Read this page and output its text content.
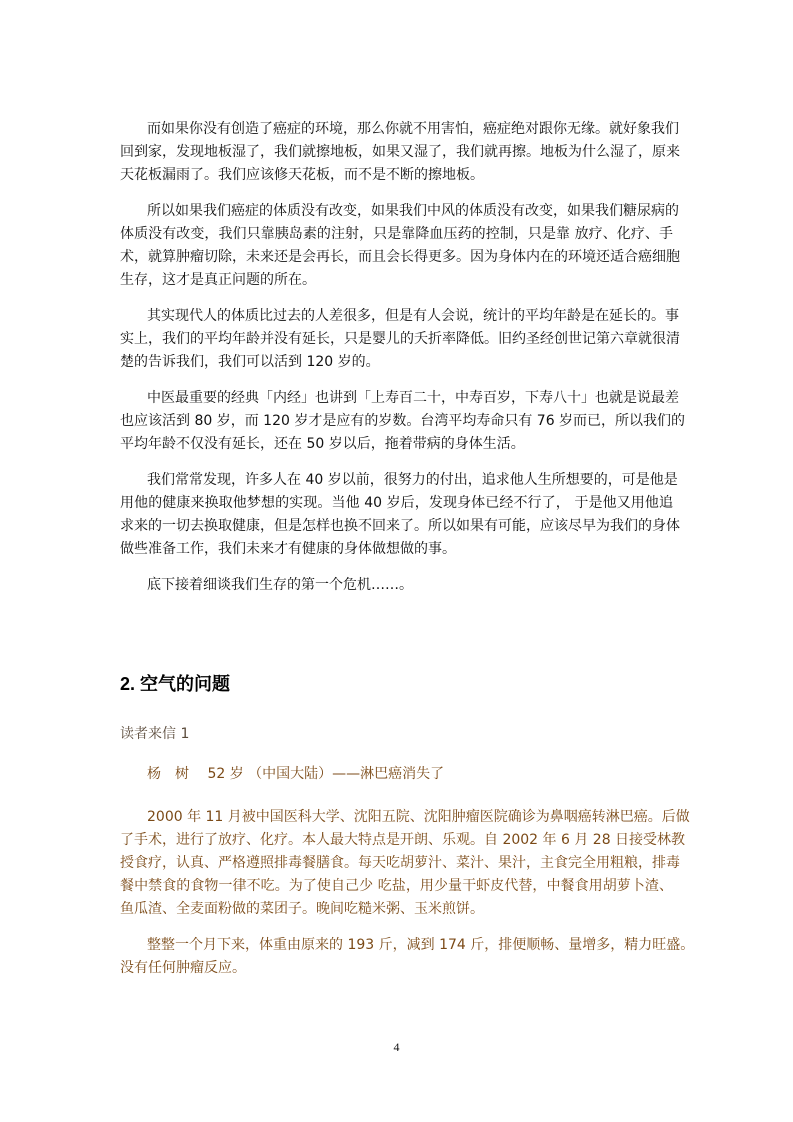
而如果你没有创造了癌症的环境，那么你就不用害怕，癌症绝对跟你无缘。就好象我们
回到家，发现地板湿了，我们就擦地板，如果又湿了，我们就再擦。地板为什么湿了，原来
天花板漏雨了。我们应该修天花板，而不是不断的擦地板。
所以如果我们癌症的体质没有改变，如果我们中风的体质没有改变，如果我们糖尿病的
体质没有改变，我们只靠胰岛素的注射，只是靠降血压药的控制，只是靠 放疗、化疗、手
术，就算肿瘤切除，未来还是会再长，而且会长得更多。因为身体内在的环境还适合癌细胞
生存，这才是真正问题的所在。
其实现代人的体质比过去的人差很多，但是有人会说，统计的平均年龄是在延长的。事
实上，我们的平均年龄并没有延长，只是婴儿的夭折率降低。旧约圣经创世记第六章就很清
楚的告诉我们，我们可以活到 120 岁的。
中医最重要的经典「内经」也讲到「上寿百二十，中寿百岁，下寿八十」也就是说最差
也应该活到 80 岁，而 120 岁才是应有的岁数。台湾平均寿命只有 76 岁而已，所以我们的
平均年龄不仅没有延长，还在 50 岁以后，拖着带病的身体生活。
我们常常发现，许多人在 40 岁以前，很努力的付出，追求他人生所想要的，可是他是
用他的健康来换取他梦想的实现。当他 40 岁后，发现身体已经不行了， 于是他又用他追
求来的一切去换取健康，但是怎样也换不回来了。所以如果有可能，应该尽早为我们的身体
做些准备工作，我们未来才有健康的身体做想做的事。
底下接着细谈我们生存的第一个危机……。
2. 空气的问题
读者来信 1
杨　树　 52 岁 （中国大陆）——淋巴癌消失了
2000 年 11 月被中国医科大学、沈阳五院、沈阳肿瘤医院确诊为鼻咽癌转淋巴癌。后做
了手术，进行了放疗、化疗。本人最大特点是开朗、乐观。自 2002 年 6 月 28 日接受林教
授食疗，认真、严格遵照排毒餐膳食。每天吃胡萝汁、菜汁、果汁，主食完全用粗粮，排毒
餐中禁食的食物一律不吃。为了使自己少 吃盐，用少量干虾皮代替，中餐食用胡萝卜渣、
鱼瓜渣、全麦面粉做的菜团子。晚间吃糙米粥、玉米煎饼。
整整一个月下来，体重由原来的 193 斤，减到 174 斤，排便顺畅、量增多，精力旺盛。
没有任何肿瘤反应。
4
